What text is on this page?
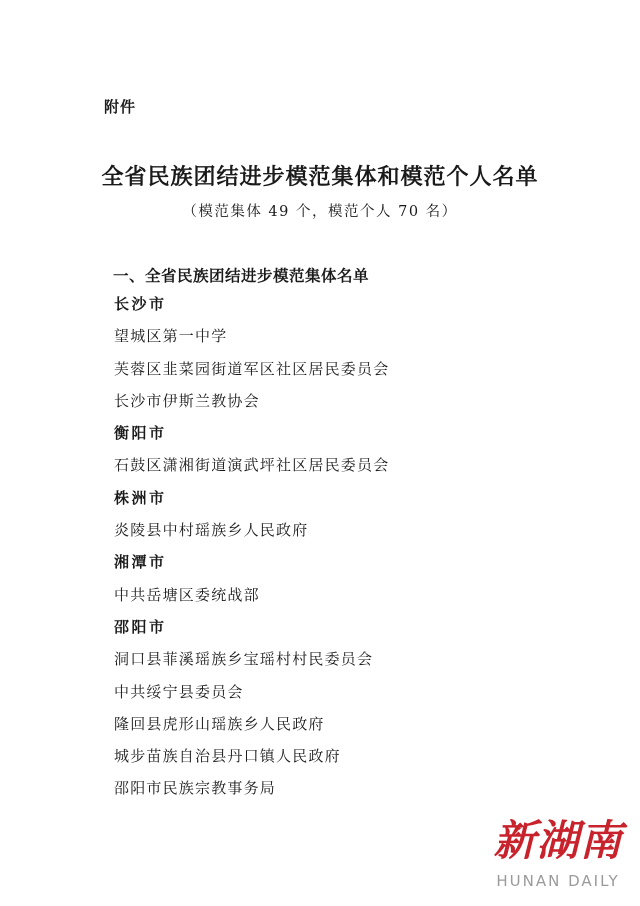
附件
全省民族团结进步模范集体和模范个人名单
（模范集体 49 个，模范个人 70 名）
一、全省民族团结进步模范集体名单
长沙市
望城区第一中学
芙蓉区韭菜园街道军区社区居民委员会
长沙市伊斯兰教协会
衡阳市
石鼓区潇湘街道演武坪社区居民委员会
株洲市
炎陵县中村瑶族乡人民政府
湘潭市
中共岳塘区委统战部
邵阳市
洞口县菲溪瑶族乡宝瑶村村民委员会
中共绥宁县委员会
隆回县虎形山瑶族乡人民政府
城步苗族自治县丹口镇人民政府
邵阳市民族宗教事务局
新湖南
HUNAN DAILY
